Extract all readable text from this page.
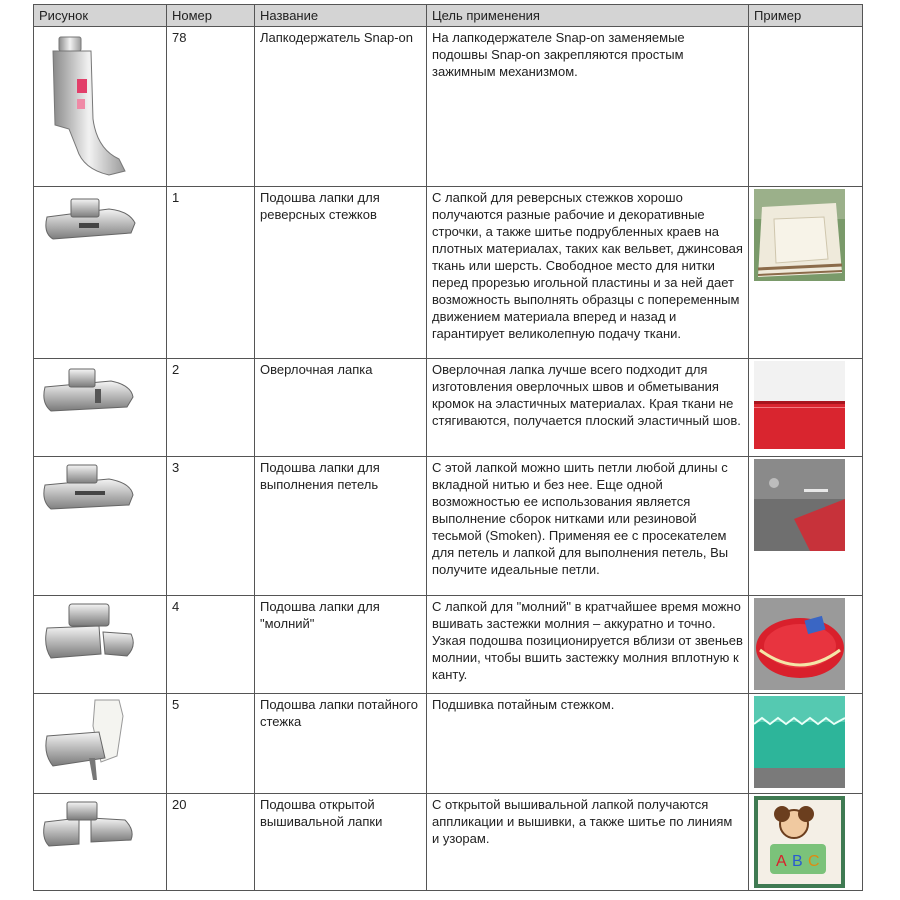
Рисунок	Номер	Название	Цель применения	Пример

	78	Лапкодержатель Snap-on	На лапкодержателе Snap-on заменяемые подошвы Snap-on закрепляются простым зажимным механизмом.	

	1	Подошва лапки для реверсных стежков	С лапкой для реверсных стежков хорошо получаются разные рабочие и декоративные строчки, а также шитье подрубленных краев на плотных материалах, таких как вельвет, джинсовая ткань или шерсть. Свободное место для нитки перед прорезью игольной пластины и за ней дает возможность выполнять образцы с попеременным движением материала вперед и назад и гарантирует великолепную подачу ткани.	

	2	Оверлочная лапка	Оверлочная лапка лучше всего подходит для изготовления оверлочных швов и обметывания кромок на эластичных материалах. Края ткани не стягиваются, получается плоский эластичный шов.	

	3	Подошва лапки для выполнения петель	С этой лапкой можно шить петли любой длины с вкладной нитью и без нее. Еще одной возможностью ее использования является выполнение сборок нитками или резиновой тесьмой (Smoken). Применяя ее с просекателем для петель и лапкой для выполнения петель, Вы получите идеальные петли.	

	4	Подошва лапки для "молний"	С лапкой для "молний" в кратчайшее время можно вшивать застежки молния – аккуратно и точно. Узкая подошва позиционируется вблизи от звеньев молнии, чтобы вшить застежку молния вплотную к канту.	

	5	Подошва лапки потайного стежка	Подшивка потайным стежком.	

	20	Подошва открытой вышивальной лапки	С открытой вышивальной лапкой получаются аппликации и вышивки, а также шитье по линиям и узорам.	A B C
